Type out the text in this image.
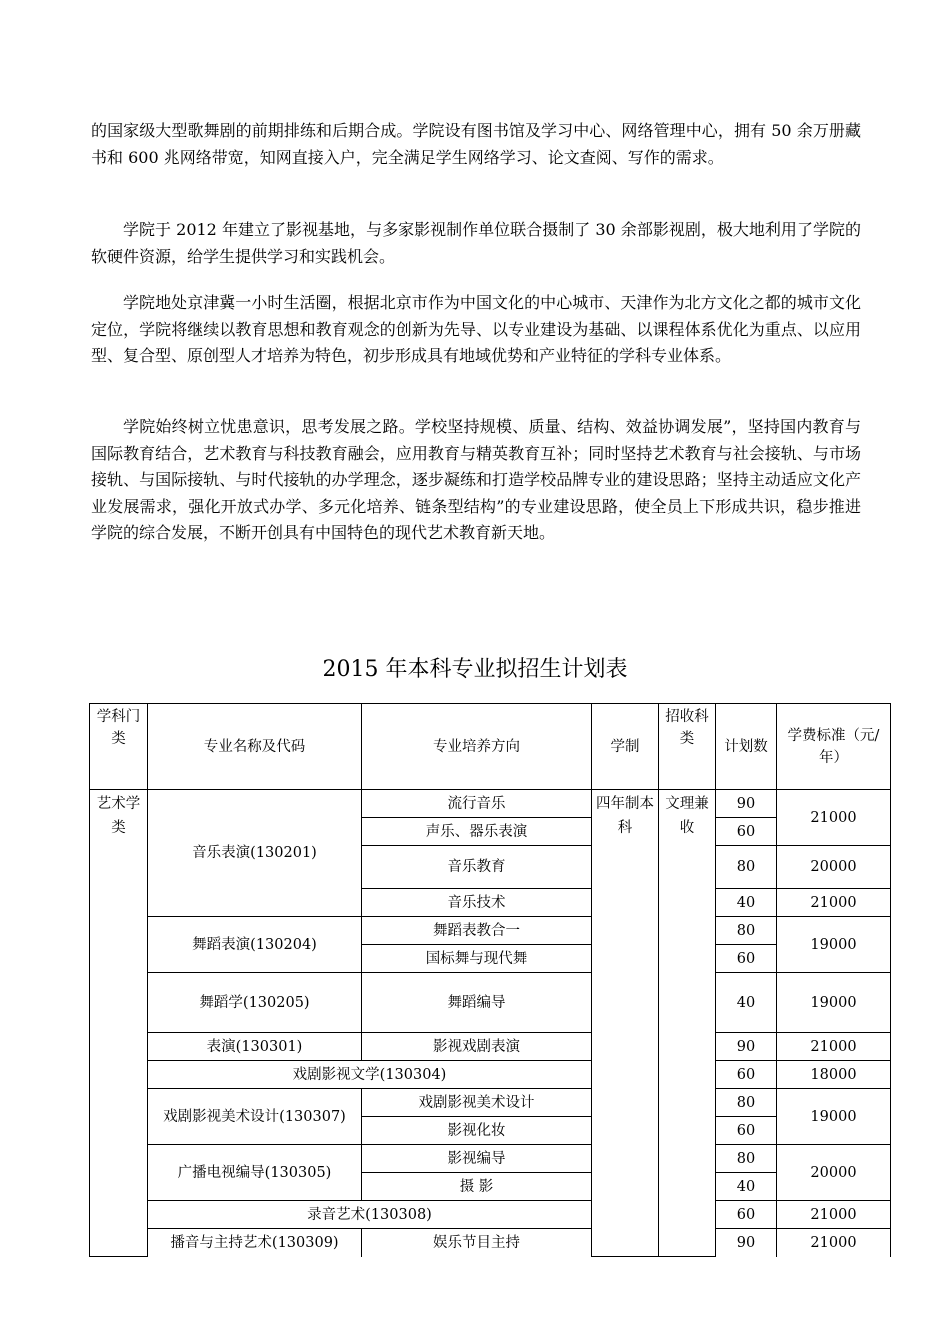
的国家级大型歌舞剧的前期排练和后期合成。学院设有图书馆及学习中心、网络管理中心，拥有 50 余万册藏书和 600 兆网络带宽，知网直接入户，完全满足学生网络学习、论文查阅、写作的需求。

学院于 2012 年建立了影视基地，与多家影视制作单位联合摄制了 30 余部影视剧，极大地利用了学院的软硬件资源，给学生提供学习和实践机会。

学院地处京津冀一小时生活圈，根据北京市作为中国文化的中心城市、天津作为北方文化之都的城市文化定位，学院将继续以教育思想和教育观念的创新为先导、以专业建设为基础、以课程体系优化为重点、以应用型、复合型、原创型人才培养为特色，初步形成具有地域优势和产业特征的学科专业体系。

学院始终树立忧患意识，思考发展之路。学校坚持规模、质量、结构、效益协调发展”，坚持国内教育与国际教育结合，艺术教育与科技教育融会，应用教育与精英教育互补；同时坚持艺术教育与社会接轨、与市场接轨、与国际接轨、与时代接轨的办学理念，逐步凝练和打造学校品牌专业的建设思路；坚持主动适应文化产业发展需求，强化开放式办学、多元化培养、链条型结构”的专业建设思路，使全员上下形成共识，稳步推进学院的综合发展，不断开创具有中国特色的现代艺术教育新天地。

2015 年本科专业拟招生计划表
学科门类	专业名称及代码	专业培养方向	学制	招收科类	计划数	学费标准（元/年）
艺术学类	音乐表演(130201)	流行音乐	四年制本科	文理兼收	90	21000
		声乐、器乐表演			60	
		音乐教育			80	20000
		音乐技术			40	21000
	舞蹈表演(130204)	舞蹈表教合一			80	19000
		国标舞与现代舞			60	
	舞蹈学(130205)	舞蹈编导			40	19000
	表演(130301)	影视戏剧表演			90	21000
	戏剧影视文学(130304)				60	18000
	戏剧影视美术设计(130307)	戏剧影视美术设计			80	19000
		影视化妆			60	
	广播电视编导(130305)	影视编导			80	20000
		摄 影			40	
	录音艺术(130308)				60	21000
	播音与主持艺术(130309)	娱乐节目主持			90	21000
